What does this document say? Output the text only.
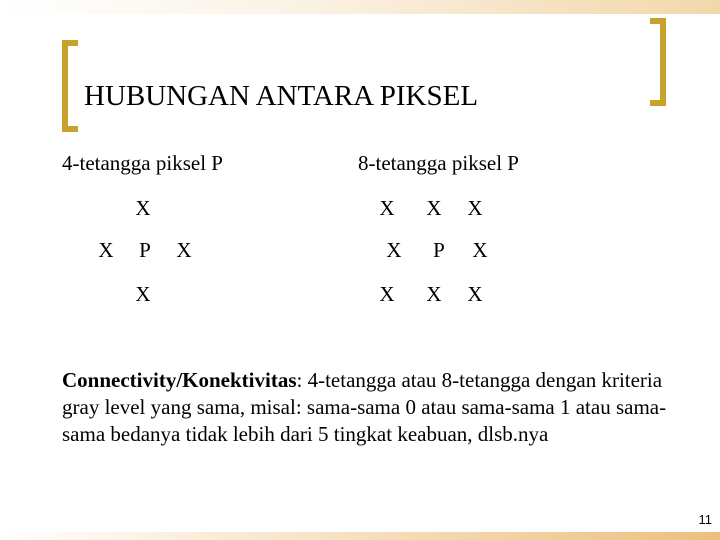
HUBUNGAN ANTARA PIKSEL
4-tetangga piksel P	8-tetangga piksel P
X
X P X
X
X X X
X P X
X X X
Connectivity/Konektivitas: 4-tetangga atau 8-tetangga dengan kriteria gray level yang sama, misal: sama-sama 0 atau sama-sama 1 atau sama-sama bedanya tidak lebih dari 5 tingkat keabuan, dlsb.nya
11
